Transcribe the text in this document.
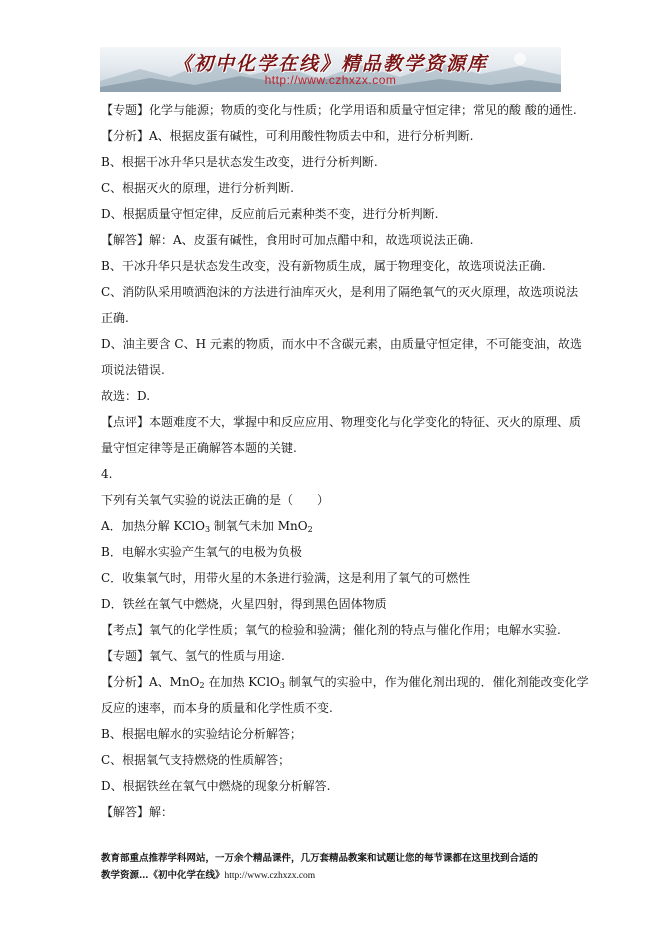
《初中化学在线》精品教学资源库
http://www.czhxzx.com
【专题】化学与能源；物质的变化与性质；化学用语和质量守恒定律；常见的酸 酸的通性.
【分析】A、根据皮蛋有碱性，可利用酸性物质去中和，进行分析判断.
B、根据干冰升华只是状态发生改变，进行分析判断.
C、根据灭火的原理，进行分析判断.
D、根据质量守恒定律，反应前后元素种类不变，进行分析判断.
【解答】解：A、皮蛋有碱性，食用时可加点醋中和，故选项说法正确.
B、干冰升华只是状态发生改变，没有新物质生成，属于物理变化，故选项说法正确.
C、消防队采用喷洒泡沫的方法进行油库灭火，是利用了隔绝氧气的灭火原理，故选项说法
正确.
D、油主要含 C、H 元素的物质，而水中不含碳元素，由质量守恒定律，不可能变油，故选
项说法错误.
故选：D.
【点评】本题难度不大，掌握中和反应应用、物理变化与化学变化的特征、灭火的原理、质
量守恒定律等是正确解答本题的关键.
4.
下列有关氧气实验的说法正确的是（　　）
A．加热分解 KClO$_3$ 制氧气未加 MnO$_2$
B．电解水实验产生氧气的电极为负极
C．收集氧气时，用带火星的木条进行验满，这是利用了氧气的可燃性
D．铁丝在氧气中燃烧，火星四射，得到黑色固体物质
【考点】氧气的化学性质；氧气的检验和验满；催化剂的特点与催化作用；电解水实验.
【专题】氧气、氢气的性质与用途.
【分析】A、MnO$_2$ 在加热 KClO$_3$ 制氧气的实验中，作为催化剂出现的．催化剂能改变化学
反应的速率，而本身的质量和化学性质不变.
B、根据电解水的实验结论分析解答；
C、根据氧气支持燃烧的性质解答；
D、根据铁丝在氧气中燃烧的现象分析解答.
【解答】解：
教育部重点推荐学科网站，一万余个精品课件，几万套精品教案和试题让您的每节课都在这里找到合适的
教学资源…《初中化学在线》http://www.czhxzx.com
